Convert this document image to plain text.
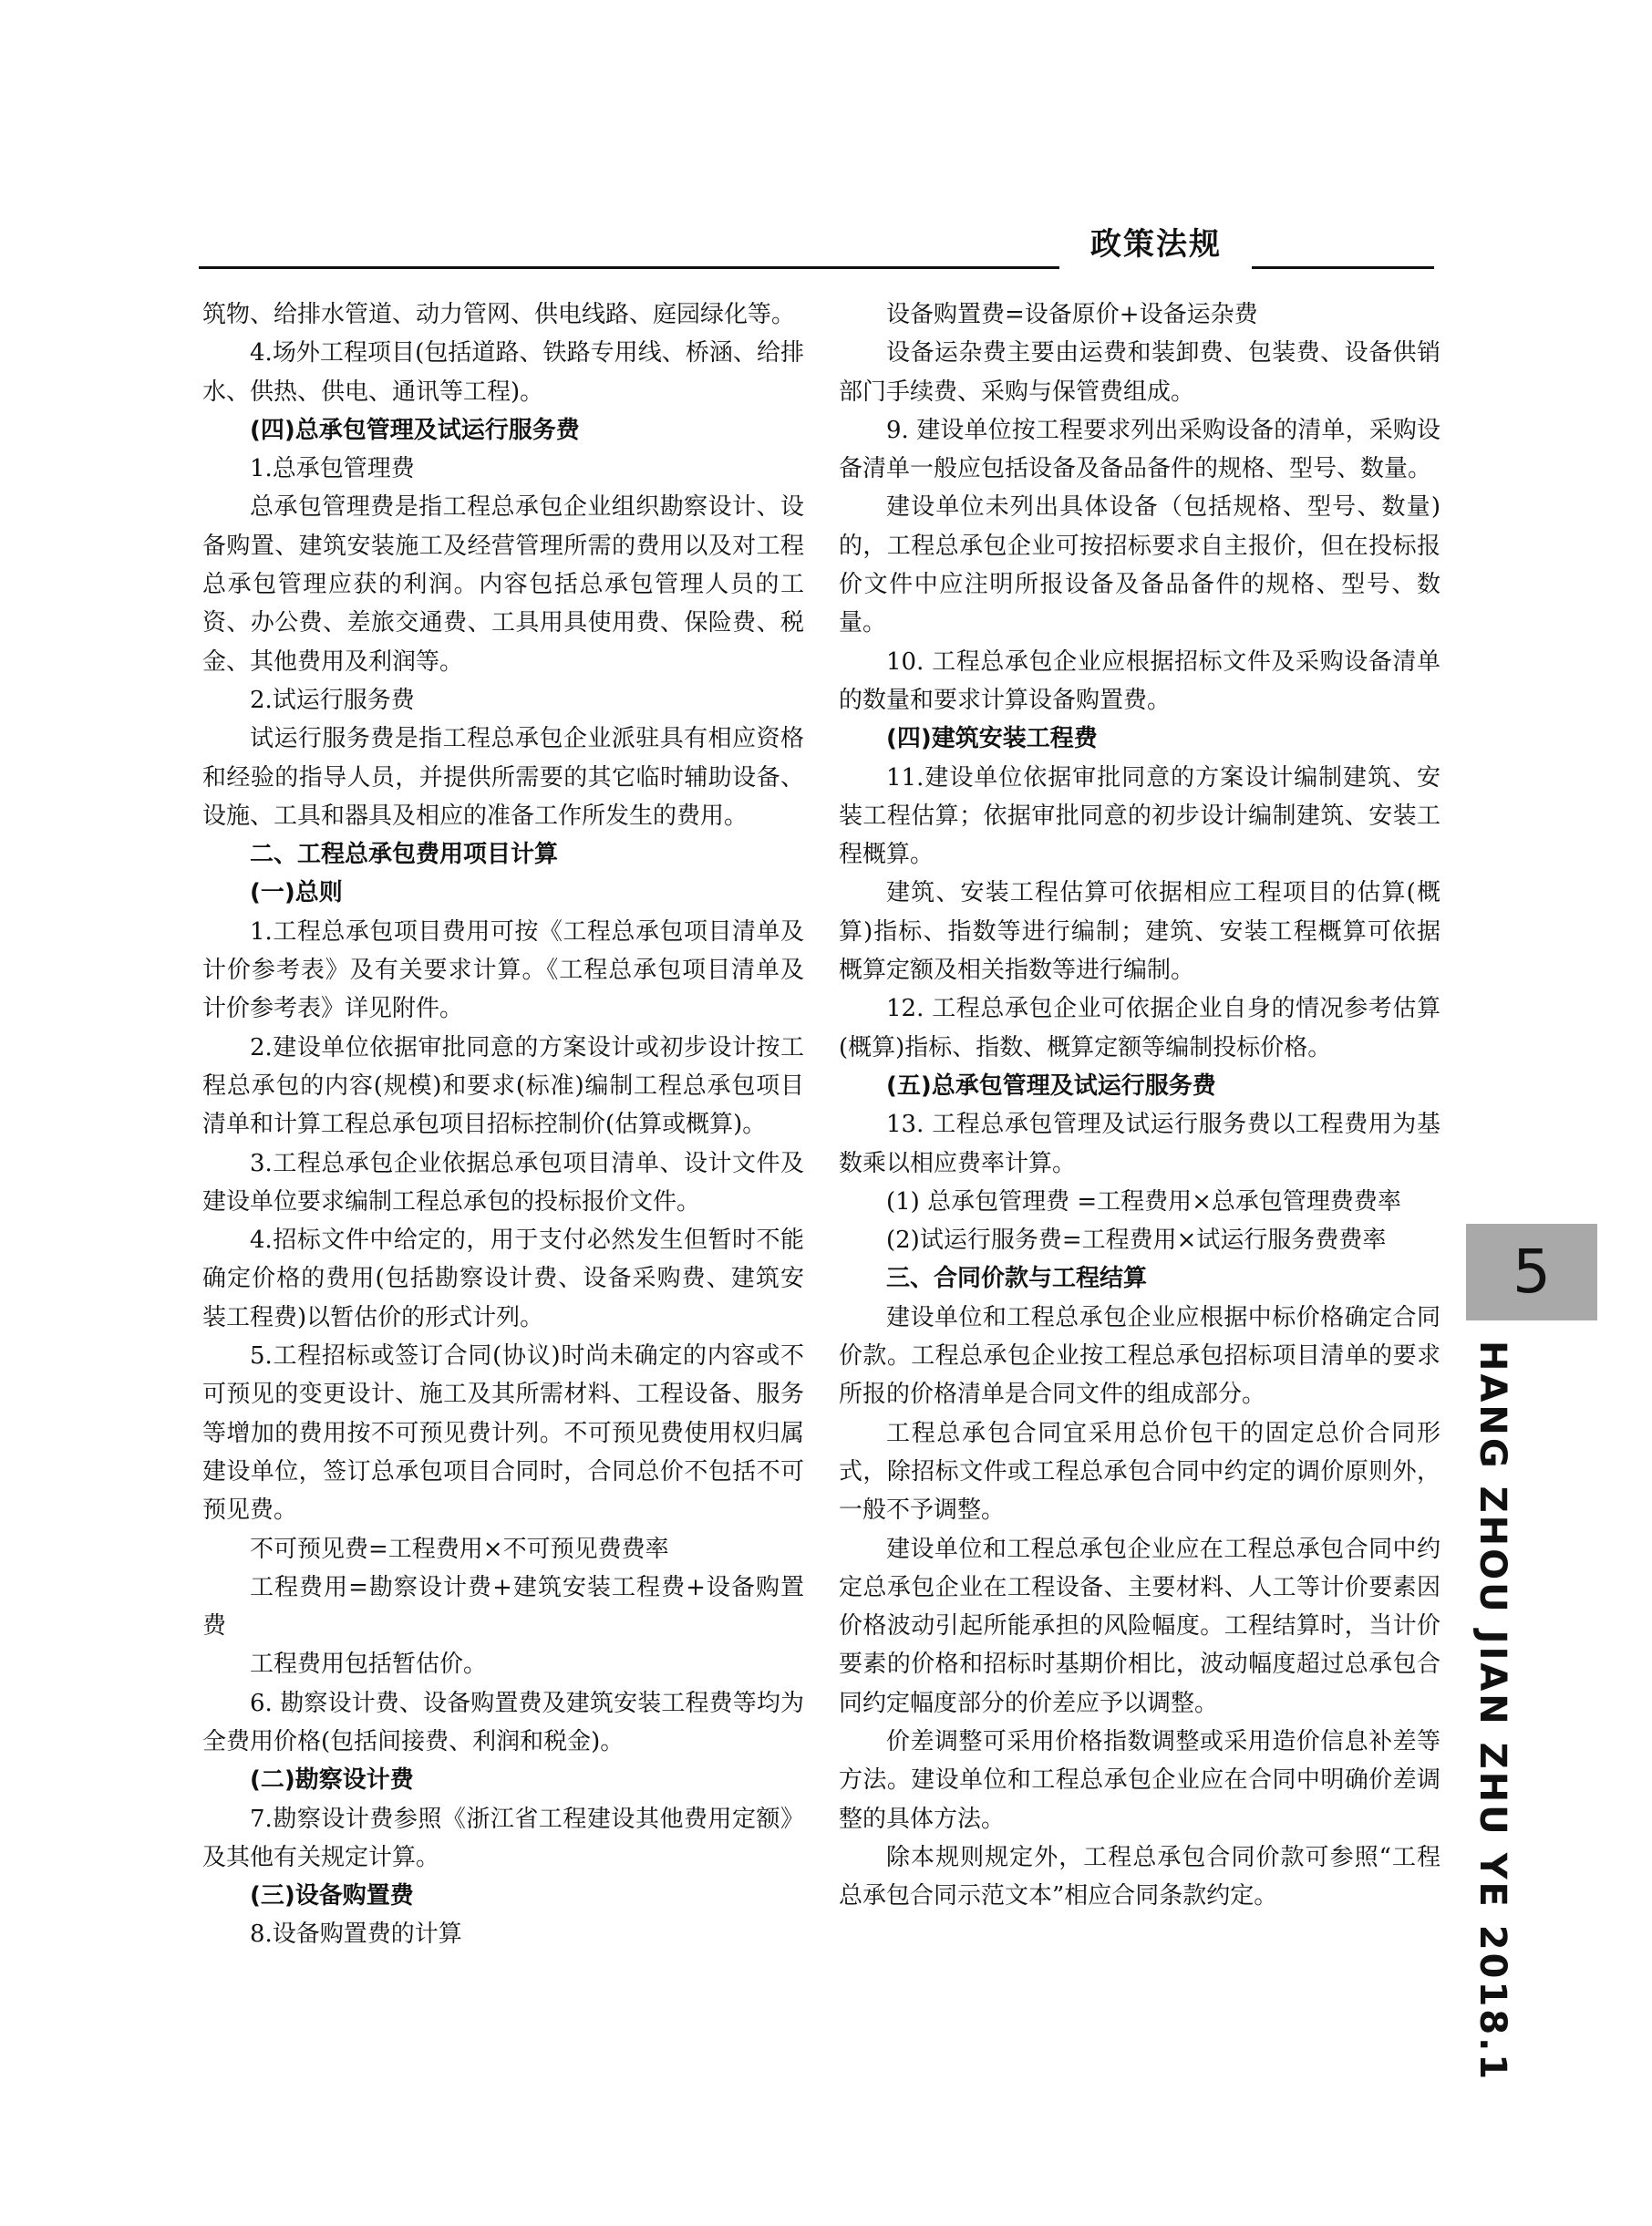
政策法规

筑物、给排水管道、动力管网、供电线路、庭园绿化等。

4.场外工程项目(包括道路、铁路专用线、桥涵、给排水、供热、供电、通讯等工程)。

(四)总承包管理及试运行服务费

1.总承包管理费

总承包管理费是指工程总承包企业组织勘察设计、设备购置、建筑安装施工及经营管理所需的费用以及对工程总承包管理应获的利润。内容包括总承包管理人员的工资、办公费、差旅交通费、工具用具使用费、保险费、税金、其他费用及利润等。

2.试运行服务费

试运行服务费是指工程总承包企业派驻具有相应资格和经验的指导人员，并提供所需要的其它临时辅助设备、设施、工具和器具及相应的准备工作所发生的费用。

二、工程总承包费用项目计算

(一)总则

1.工程总承包项目费用可按《工程总承包项目清单及计价参考表》及有关要求计算。《工程总承包项目清单及计价参考表》详见附件。

2.建设单位依据审批同意的方案设计或初步设计按工程总承包的内容(规模)和要求(标准)编制工程总承包项目清单和计算工程总承包项目招标控制价(估算或概算)。

3.工程总承包企业依据总承包项目清单、设计文件及建设单位要求编制工程总承包的投标报价文件。

4.招标文件中给定的，用于支付必然发生但暂时不能确定价格的费用(包括勘察设计费、设备采购费、建筑安装工程费)以暂估价的形式计列。

5.工程招标或签订合同(协议)时尚未确定的内容或不可预见的变更设计、施工及其所需材料、工程设备、服务等增加的费用按不可预见费计列。不可预见费使用权归属建设单位，签订总承包项目合同时，合同总价不包括不可预见费。

不可预见费=工程费用×不可预见费费率

工程费用=勘察设计费+建筑安装工程费+设备购置费

工程费用包括暂估价。

6. 勘察设计费、设备购置费及建筑安装工程费等均为全费用价格(包括间接费、利润和税金)。

(二)勘察设计费

7.勘察设计费参照《浙江省工程建设其他费用定额》及其他有关规定计算。

(三)设备购置费

8.设备购置费的计算

设备购置费=设备原价+设备运杂费

设备运杂费主要由运费和装卸费、包装费、设备供销部门手续费、采购与保管费组成。

9. 建设单位按工程要求列出采购设备的清单，采购设备清单一般应包括设备及备品备件的规格、型号、数量。

建设单位未列出具体设备（包括规格、型号、数量)的，工程总承包企业可按招标要求自主报价，但在投标报价文件中应注明所报设备及备品备件的规格、型号、数量。

10. 工程总承包企业应根据招标文件及采购设备清单的数量和要求计算设备购置费。

(四)建筑安装工程费

11.建设单位依据审批同意的方案设计编制建筑、安装工程估算；依据审批同意的初步设计编制建筑、安装工程概算。

建筑、安装工程估算可依据相应工程项目的估算(概算)指标、指数等进行编制；建筑、安装工程概算可依据概算定额及相关指数等进行编制。

12. 工程总承包企业可依据企业自身的情况参考估算(概算)指标、指数、概算定额等编制投标价格。

(五)总承包管理及试运行服务费

13. 工程总承包管理及试运行服务费以工程费用为基数乘以相应费率计算。

(1) 总承包管理费 =工程费用×总承包管理费费率

(2)试运行服务费=工程费用×试运行服务费费率

三、合同价款与工程结算

建设单位和工程总承包企业应根据中标价格确定合同价款。工程总承包企业按工程总承包招标项目清单的要求所报的价格清单是合同文件的组成部分。

工程总承包合同宜采用总价包干的固定总价合同形式，除招标文件或工程总承包合同中约定的调价原则外，一般不予调整。

建设单位和工程总承包企业应在工程总承包合同中约定总承包企业在工程设备、主要材料、人工等计价要素因价格波动引起所能承担的风险幅度。工程结算时，当计价要素的价格和招标时基期价相比，波动幅度超过总承包合同约定幅度部分的价差应予以调整。

价差调整可采用价格指数调整或采用造价信息补差等方法。建设单位和工程总承包企业应在合同中明确价差调整的具体方法。

除本规则规定外，工程总承包合同价款可参照“工程总承包合同示范文本”相应合同条款约定。

5
HANG ZHOU JIAN ZHU YE 2018.1
